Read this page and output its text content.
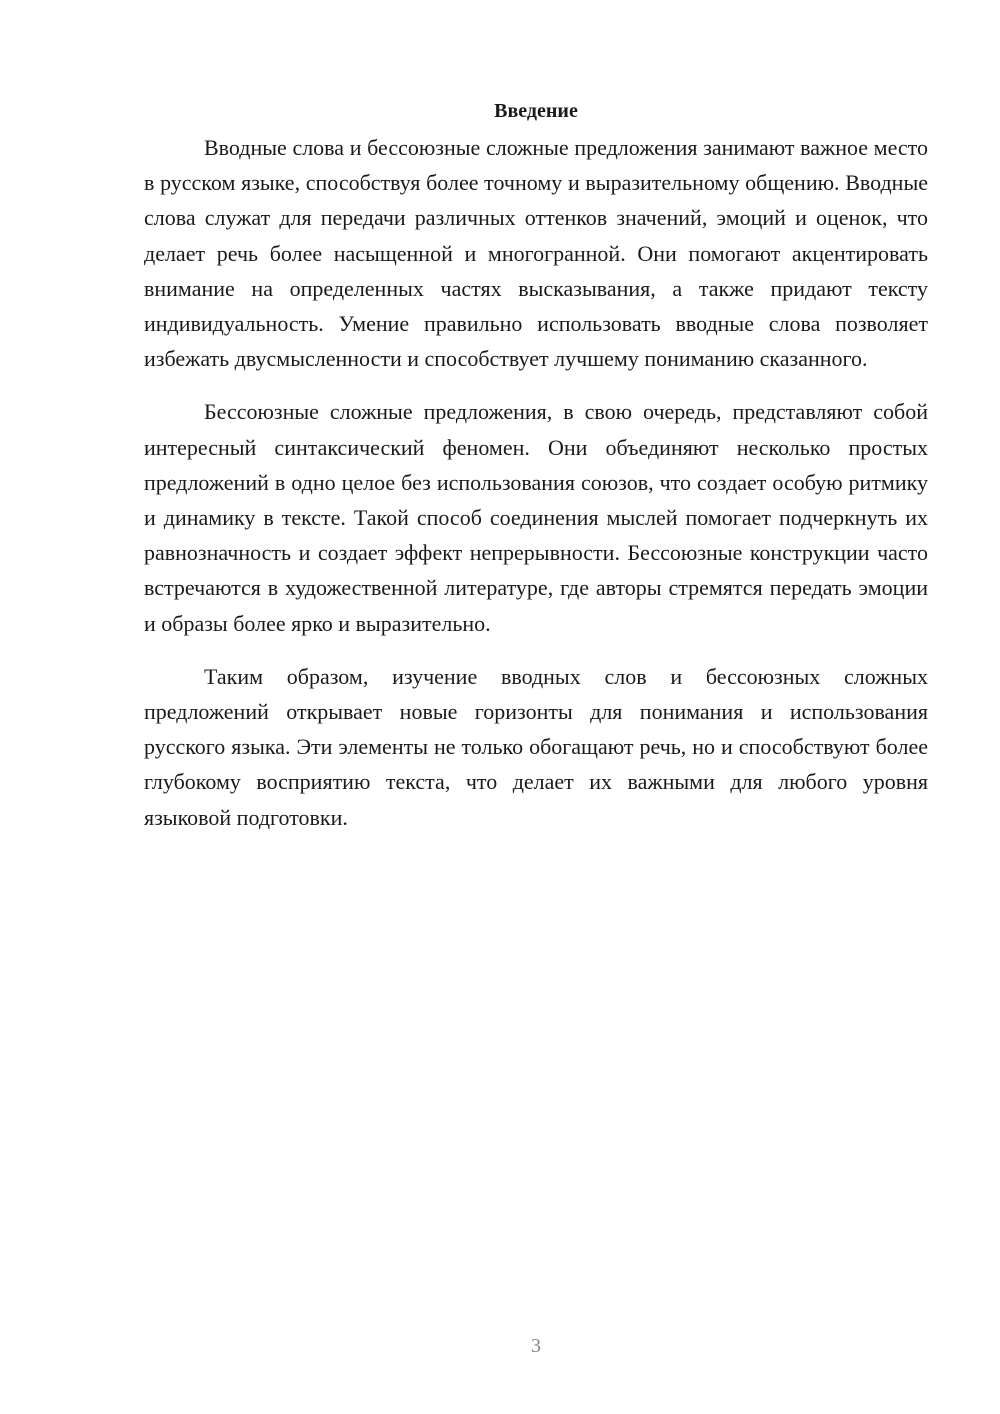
Введение

Вводные слова и бессоюзные сложные предложения занимают важное место в русском языке, способствуя более точному и выразительному общению. Вводные слова служат для передачи различных оттенков значений, эмоций и оценок, что делает речь более насыщенной и многогранной. Они помогают акцентировать внимание на определенных частях высказывания, а также придают тексту индивидуальность. Умение правильно использовать вводные слова позволяет избежать двусмысленности и способствует лучшему пониманию сказанного.

Бессоюзные сложные предложения, в свою очередь, представляют собой интересный синтаксический феномен. Они объединяют несколько простых предложений в одно целое без использования союзов, что создает особую ритмику и динамику в тексте. Такой способ соединения мыслей помогает подчеркнуть их равнозначность и создает эффект непрерывности. Бессоюзные конструкции часто встречаются в художественной литературе, где авторы стремятся передать эмоции и образы более ярко и выразительно.

Таким образом, изучение вводных слов и бессоюзных сложных предложений открывает новые горизонты для понимания и использования русского языка. Эти элементы не только обогащают речь, но и способствуют более глубокому восприятию текста, что делает их важными для любого уровня языковой подготовки.

3
